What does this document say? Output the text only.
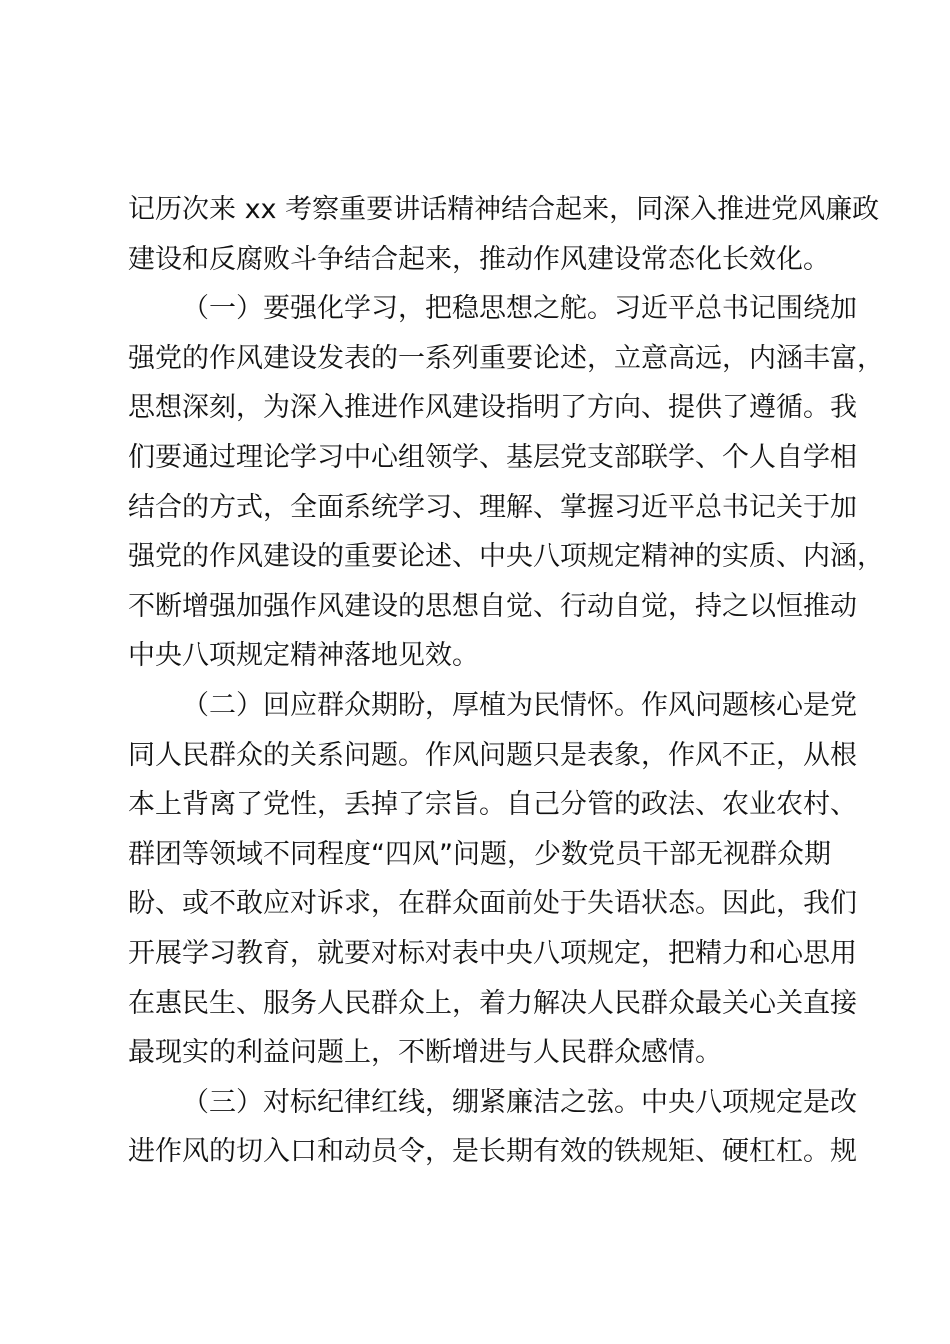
记历次来 xx 考察重要讲话精神结合起来，同深入推进党风廉政
建设和反腐败斗争结合起来，推动作风建设常态化长效化。
（一）要强化学习，把稳思想之舵。习近平总书记围绕加
强党的作风建设发表的一系列重要论述，立意高远，内涵丰富，
思想深刻，为深入推进作风建设指明了方向、提供了遵循。我
们要通过理论学习中心组领学、基层党支部联学、个人自学相
结合的方式，全面系统学习、理解、掌握习近平总书记关于加
强党的作风建设的重要论述、中央八项规定精神的实质、内涵，
不断增强加强作风建设的思想自觉、行动自觉，持之以恒推动
中央八项规定精神落地见效。
（二）回应群众期盼，厚植为民情怀。作风问题核心是党
同人民群众的关系问题。作风问题只是表象，作风不正，从根
本上背离了党性，丢掉了宗旨。自己分管的政法、农业农村、
群团等领域不同程度“四风”问题，少数党员干部无视群众期
盼、或不敢应对诉求，在群众面前处于失语状态。因此，我们
开展学习教育，就要对标对表中央八项规定，把精力和心思用
在惠民生、服务人民群众上，着力解决人民群众最关心关直接
最现实的利益问题上，不断增进与人民群众感情。
（三）对标纪律红线，绷紧廉洁之弦。中央八项规定是改
进作风的切入口和动员令，是长期有效的铁规矩、硬杠杠。规
